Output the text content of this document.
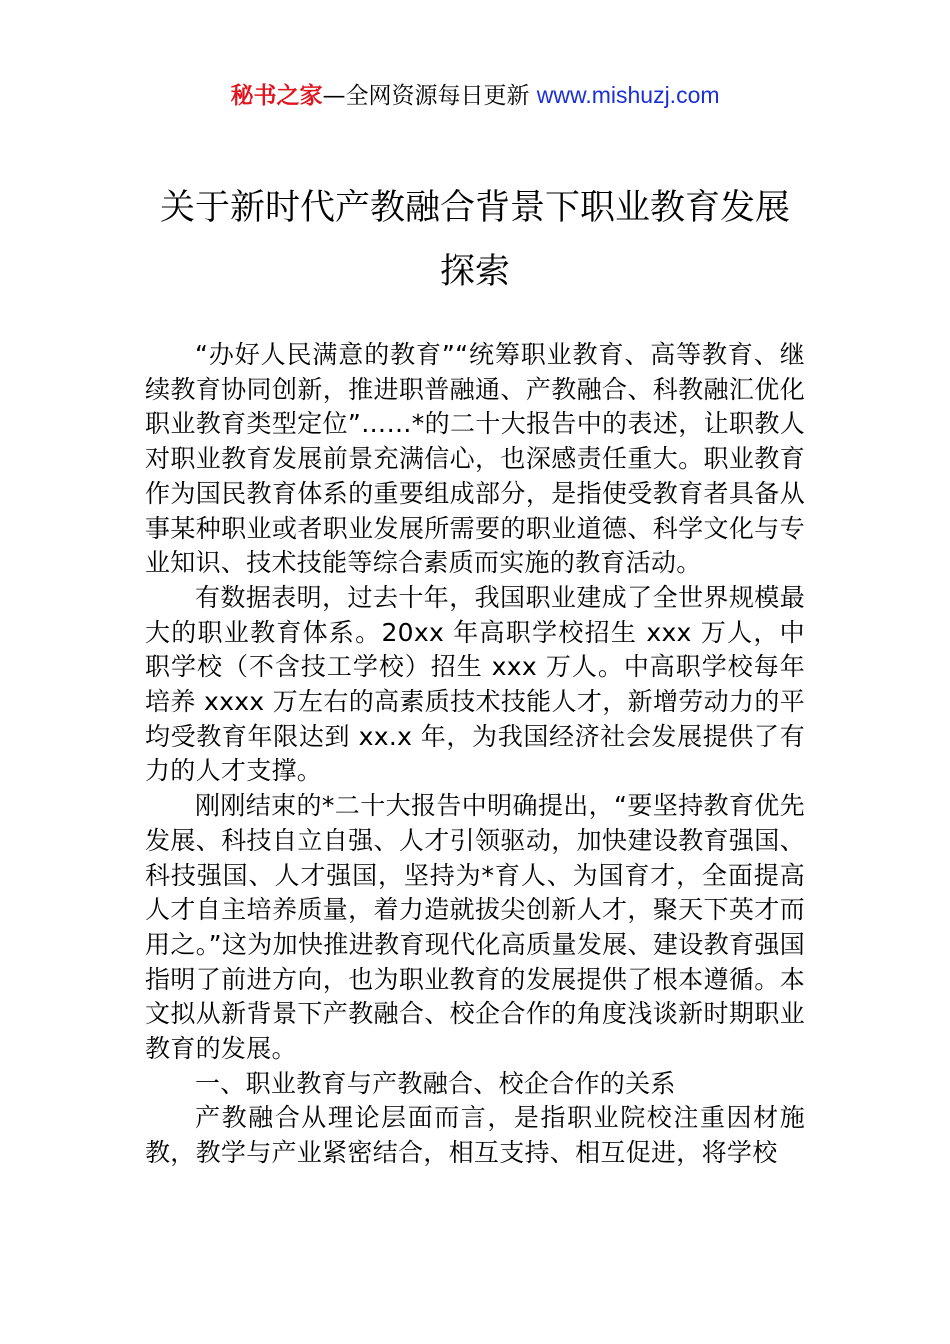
秘书之家—全网资源每日更新 www.mishuzj.com
关于新时代产教融合背景下职业教育发展
探索

“办好人民满意的教育”“统筹职业教育、高等教育、继续教育协同创新，推进职普融通、产教融合、科教融汇优化职业教育类型定位”……*的二十大报告中的表述，让职教人对职业教育发展前景充满信心，也深感责任重大。职业教育作为国民教育体系的重要组成部分，是指使受教育者具备从事某种职业或者职业发展所需要的职业道德、科学文化与专业知识、技术技能等综合素质而实施的教育活动。

有数据表明，过去十年，我国职业建成了全世界规模最大的职业教育体系。20xx 年高职学校招生 xxx 万人，中职学校（不含技工学校）招生 xxx 万人。中高职学校每年培养 xxxx 万左右的高素质技术技能人才，新增劳动力的平均受教育年限达到 xx.x 年，为我国经济社会发展提供了有力的人才支撑。

刚刚结束的*二十大报告中明确提出，“要坚持教育优先发展、科技自立自强、人才引领驱动，加快建设教育强国、科技强国、人才强国，坚持为*育人、为国育才，全面提高人才自主培养质量，着力造就拔尖创新人才，聚天下英才而用之。”这为加快推进教育现代化高质量发展、建设教育强国指明了前进方向，也为职业教育的发展提供了根本遵循。本文拟从新背景下产教融合、校企合作的角度浅谈新时期职业教育的发展。

一、职业教育与产教融合、校企合作的关系

产教融合从理论层面而言，是指职业院校注重因材施教，教学与产业紧密结合，相互支持、相互促进，将学校
